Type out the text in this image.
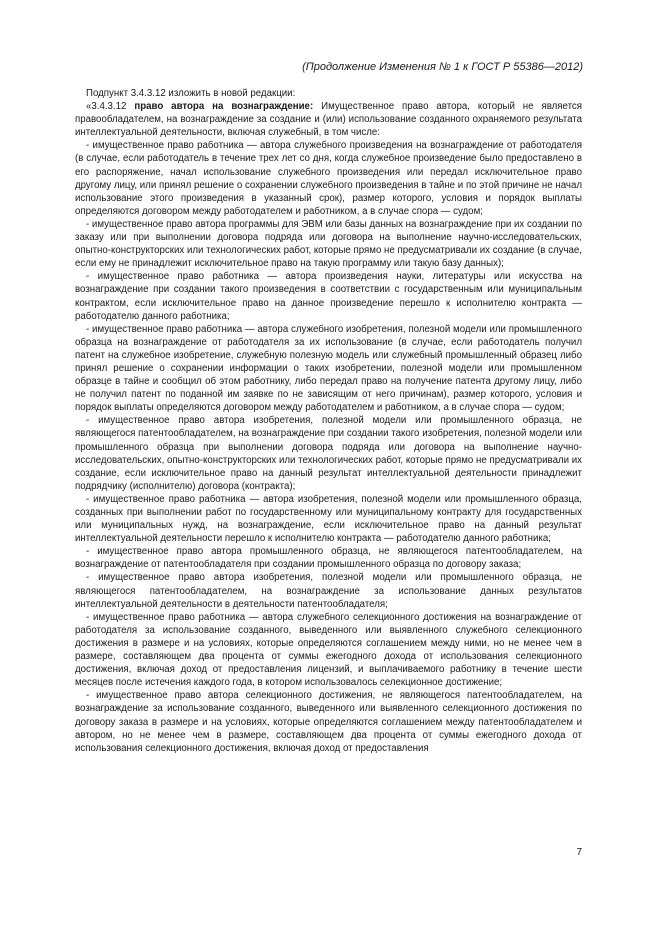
(Продолжение Изменения № 1 к ГОСТ Р 55386—2012)

Подпункт 3.4.3.12 изложить в новой редакции:

«3.4.3.12 право автора на вознаграждение: Имущественное право автора, который не является правообладателем, на вознаграждение за создание и (или) использование созданного охраняемого результата интеллектуальной деятельности, включая служебный, в том числе:

- имущественное право работника — автора служебного произведения на вознаграждение от работодателя (в случае, если работодатель в течение трех лет со дня, когда служебное произведение было предоставлено в его распоряжение, начал использование служебного произведения или передал исключительное право другому лицу, или принял решение о сохранении служебного произведения в тайне и по этой причине не начал использование этого произведения в указанный срок), размер которого, условия и порядок выплаты определяются договором между работодателем и работником, а в случае спора — судом;

- имущественное право автора программы для ЭВМ или базы данных на вознаграждение при их создании по заказу или при выполнении договора подряда или договора на выполнение научно-исследовательских, опытно-конструкторских или технологических работ, которые прямо не предусматривали их создание (в случае, если ему не принадлежит исключительное право на такую программу или такую базу данных);

- имущественное право работника — автора произведения науки, литературы или искусства на вознаграждение при создании такого произведения в соответствии с государственным или муниципальным контрактом, если исключительное право на данное произведение перешло к исполнителю контракта — работодателю данного работника;

- имущественное право работника — автора служебного изобретения, полезной модели или промышленного образца на вознаграждение от работодателя за их использование (в случае, если работодатель получил патент на служебное изобретение, служебную полезную модель или служебный промышленный образец либо принял решение о сохранении информации о таких изобретении, полезной модели или промышленном образце в тайне и сообщил об этом работнику, либо передал право на получение патента другому лицу, либо не получил патент по поданной им заявке по не зависящим от него причинам), размер которого, условия и порядок выплаты определяются договором между работодателем и работником, а в случае спора — судом;

- имущественное право автора изобретения, полезной модели или промышленного образца, не являющегося патентообладателем, на вознаграждение при создании такого изобретения, полезной модели или промышленного образца при выполнении договора подряда или договора на выполнение научно-исследовательских, опытно-конструкторских или технологических работ, которые прямо не предусматривали их создание, если исключительное право на данный результат интеллектуальной деятельности принадлежит подрядчику (исполнителю) договора (контракта);

- имущественное право работника — автора изобретения, полезной модели или промышленного образца, созданных при выполнении работ по государственному или муниципальному контракту для государственных или муниципальных нужд, на вознаграждение, если исключительное право на данный результат интеллектуальной деятельности перешло к исполнителю контракта — работодателю данного работника;

- имущественное право автора промышленного образца, не являющегося патентообладателем, на вознаграждение от патентообладателя при создании промышленного образца по договору заказа;

- имущественное право автора изобретения, полезной модели или промышленного образца, не являющегося патентообладателем, на вознаграждение за использование данных результатов интеллектуальной деятельности в деятельности патентообладателя;

- имущественное право работника — автора служебного селекционного достижения на вознаграждение от работодателя за использование созданного, выведенного или выявленного служебного селекционного достижения в размере и на условиях, которые определяются соглашением между ними, но не менее чем в размере, составляющем два процента от суммы ежегодного дохода от использования селекционного достижения, включая доход от предоставления лицензий, и выплачиваемого работнику в течение шести месяцев после истечения каждого года, в котором использовалось селекционное достижение;

- имущественное право автора селекционного достижения, не являющегося патентообладателем, на вознаграждение за использование созданного, выведенного или выявленного селекционного достижения по договору заказа в размере и на условиях, которые определяются соглашением между патентообладателем и автором, но не менее чем в размере, составляющем два процента от суммы ежегодного дохода от использования селекционного достижения, включая доход от предоставления

7
